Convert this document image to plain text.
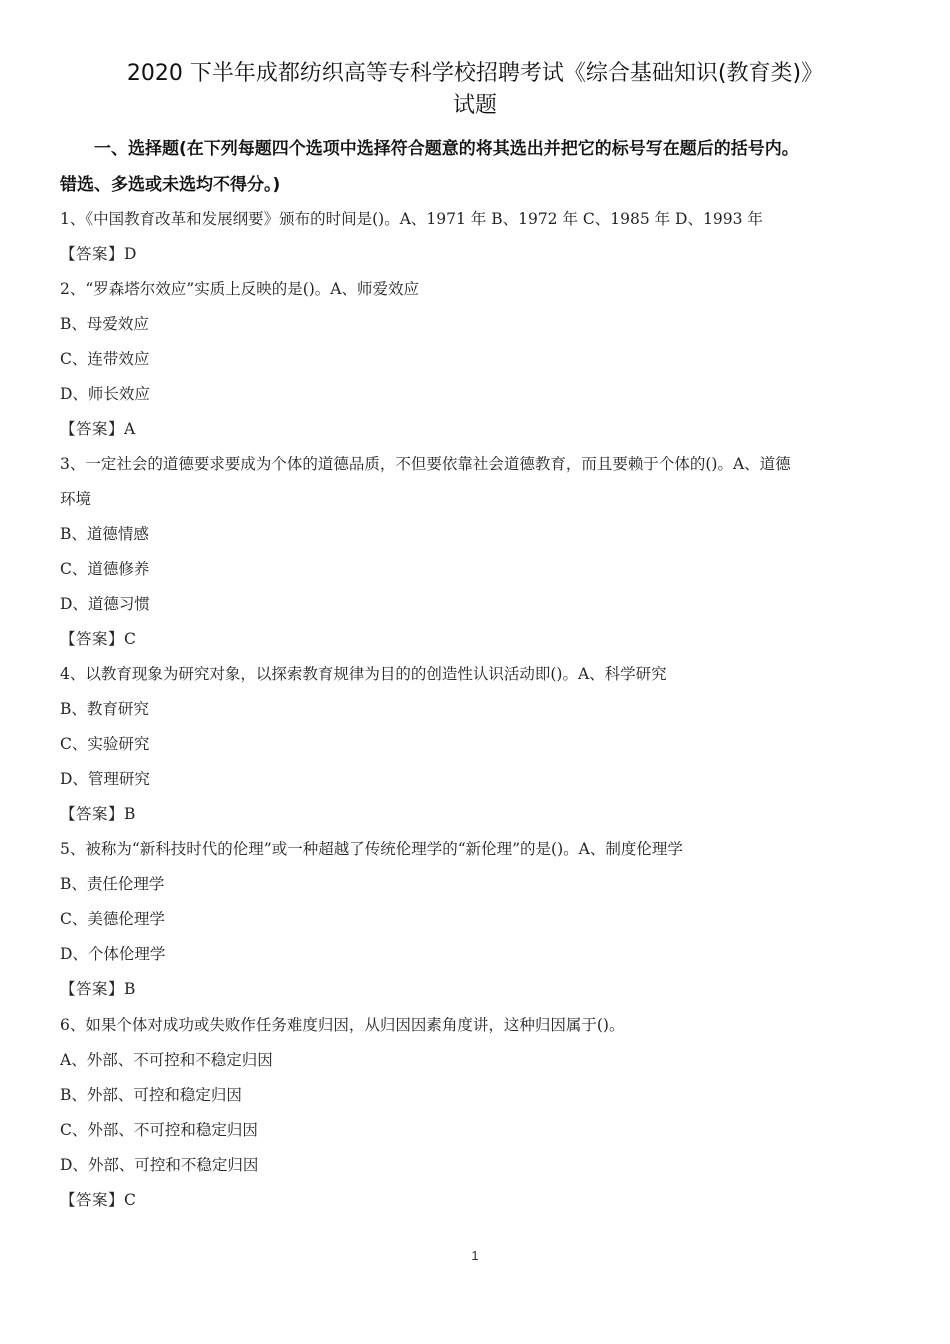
2020 下半年成都纺织高等专科学校招聘考试《综合基础知识(教育类)》
试题
一、选择题(在下列每题四个选项中选择符合题意的将其选出并把它的标号写在题后的括号内。
错选、多选或未选均不得分。)
1、《中国教育改革和发展纲要》颁布的时间是()。A、1971 年 B、1972 年 C、1985 年 D、1993 年
【答案】D
2、“罗森塔尔效应”实质上反映的是()。A、师爱效应
B、母爱效应
C、连带效应
D、师长效应
【答案】A
3、一定社会的道德要求要成为个体的道德品质，不但要依靠社会道德教育，而且要赖于个体的()。A、道德
环境
B、道德情感
C、道德修养
D、道德习惯
【答案】C
4、以教育现象为研究对象，以探索教育规律为目的的创造性认识活动即()。A、科学研究
B、教育研究
C、实验研究
D、管理研究
【答案】B
5、被称为“新科技时代的伦理”或一种超越了传统伦理学的“新伦理”的是()。A、制度伦理学
B、责任伦理学
C、美德伦理学
D、个体伦理学
【答案】B
6、如果个体对成功或失败作任务难度归因，从归因因素角度讲，这种归因属于()。
A、外部、不可控和不稳定归因
B、外部、可控和稳定归因
C、外部、不可控和稳定归因
D、外部、可控和不稳定归因
【答案】C
1
